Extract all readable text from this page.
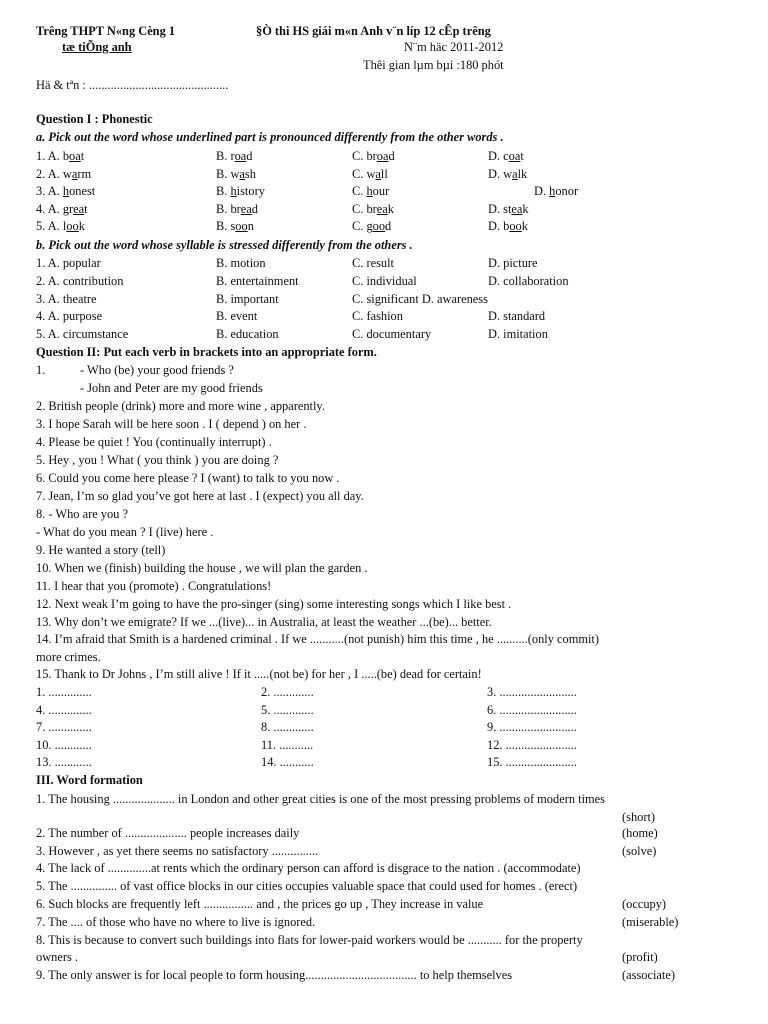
Trêng THPT N«ng Cèng 1
tæ tiÕng anh
§Ò thi HS giái m«n Anh v¨n líp 12 cÊp trêng
N¨m häc 2011-2012
Thêi gian lµm bµi :180 phót
Hä & tªn : .............................................
Question I : Phonestic
a. Pick out the word whose underlined part is pronounced differently from the other words .
1. A. boat	B. road	C. broad	D. coat
2. A. warm	B. wash	C. wall	D. walk
3. A. honest	B. history	C. hour	D. honor
4. A. great	B. bread	C. break	D. steak
5. A. look	B. soon	C. good	D. book
b. Pick out the word whose syllable is stressed differently from the others .
1. A. popular	B. motion	C. result	D. picture
2. A. contribution	B. entertainment	C. individual	D. collaboration
3. A. theatre	B. important	C. significant D. awareness
4. A. purpose	B. event	C. fashion	D. standard
5. A. circumstance	B. education	C. documentary	D. imitation
Question II: Put each verb in brackets into an appropriate form.
1.	- Who (be) your good friends ?
- John and Peter are my good friends
2. British people (drink) more and more wine , apparently.
3. I hope Sarah will be here soon . I ( depend ) on her .
4. Please be quiet ! You (continually interrupt) .
5. Hey , you ! What ( you think ) you are doing ?
6. Could you come here please ? I (want) to talk to you now .
7. Jean, I’m so glad you’ve got here at last . I (expect) you all day.
8. - Who are you ?
- What do you mean ? I (live) here .
9. He wanted a story (tell)
10. When we (finish) building the house , we will plan the garden .
11. I hear that you (promote) . Congratulations!
12. Next weak I’m going to have the pro-singer (sing) some interesting songs which I like best .
13. Why don’t we emigrate? If we ...(live)... in Australia, at least the weather ...(be)... better.
14. I’m afraid that Smith is a hardened criminal . If we ...........(not punish) him this time , he ..........(only commit)
more crimes.
15. Thank to Dr Johns , I’m still alive ! If it .....(not be) for her , I .....(be) dead for certain!
1. ..............	2. .............	3. .........................
4. ..............	5. .............	6. .........................
7. ..............	8. .............	9. .........................
10. ............	11. ...........	12. .......................
13. ............	14. ...........	15. .......................
III. Word formation
1. The housing .................... in London and other great cities is one of the most pressing problems of modern times
(short)
2. The number of .................... people increases daily	(home)
3. However , as yet there seems no satisfactory ...............	(solve)
4. The lack of ..............at rents which the ordinary person can afford is disgrace to the nation . (accommodate)
5. The ............... of vast office blocks in our cities occupies valuable space that could used for homes . (erect)
6. Such blocks are frequently left ................ and , the prices go up , They increase in value	(occupy)
7. The .... of those who have no where to live is ignored.	(miserable)
8. This is because to convert such buildings into flats for lower-paid workers would be ........... for the property
owners .	(profit)
9. The only answer is for local people to form housing.................................... to help themselves	(associate)
